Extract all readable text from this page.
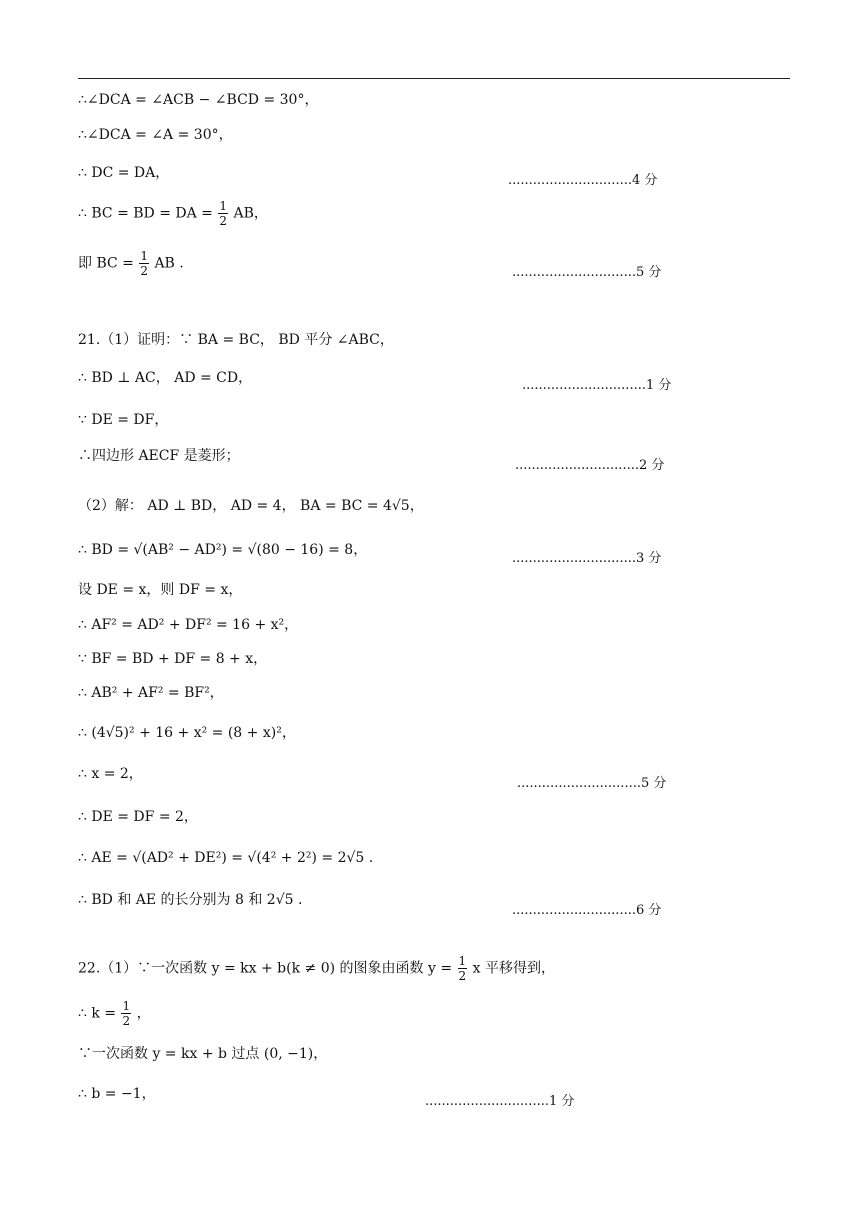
∴∠DCA = ∠ACB − ∠BCD = 30°，
∴∠DCA = ∠A = 30°，
∴ DC = DA，	..............................4 分
∴ BC = BD = DA = $\frac{1}{2}$ AB，
即 BC = $\frac{1}{2}$ AB .
..............................5 分
21.（1）证明：∵ BA = BC， BD 平分 ∠ABC，
∴ BD ⊥ AC， AD = CD，	..............................1 分
∵ DE = DF，
∴四边形 AECF 是菱形；
..............................2 分
（2）解： AD ⊥ BD， AD = 4， BA = BC = 4√5，
∴ BD = √(AB² − AD²) = √(80 − 16) = 8，
..............................3 分
设 DE = x，则 DF = x，
∴ AF² = AD² + DF² = 16 + x²，
∵ BF = BD + DF = 8 + x，
∴ AB² + AF² = BF²，
∴ (4√5)² + 16 + x² = (8 + x)²，
∴ x = 2，
..............................5 分
∴ DE = DF = 2，
∴ AE = √(AD² + DE²) = √(4² + 2²) = 2√5 .
∴ BD 和 AE 的长分别为 8 和 2√5 .
..............................6 分
22.（1）∵一次函数 y = kx + b(k ≠ 0) 的图象由函数 $y = \frac{1}{2}$ x 平移得到，
∴ $k = \frac{1}{2}$ ，
∵一次函数 y = kx + b 过点 (0, −1)，
∴ b = −1，	..............................1 分
